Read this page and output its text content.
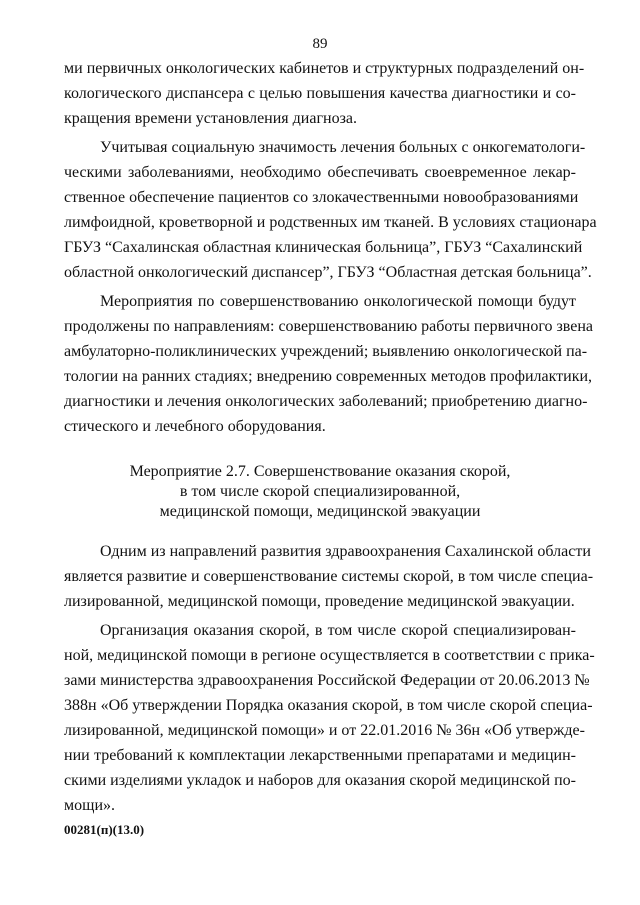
89
ми первичных онкологических кабинетов и структурных подразделений он-
кологического диспансера с целью повышения качества диагностики и со-
кращения времени установления диагноза.
Учитывая социальную значимость лечения больных с онкогематологи-
ческими заболеваниями, необходимо обеспечивать своевременное лекар-
ственное обеспечение пациентов со злокачественными новообразованиями
лимфоидной, кроветворной и родственных им тканей. В условиях стационара
ГБУЗ “Сахалинская областная клиническая больница”, ГБУЗ “Сахалинский
областной онкологический диспансер”, ГБУЗ “Областная детская больница”.
Мероприятия по совершенствованию онкологической помощи будут
продолжены по направлениям: совершенствованию работы первичного звена
амбулаторно-поликлинических учреждений; выявлению онкологической па-
тологии на ранних стадиях; внедрению современных методов профилактики,
диагностики и лечения онкологических заболеваний; приобретению диагно-
стического и лечебного оборудования.
Мероприятие 2.7. Совершенствование оказания скорой,
в том числе скорой специализированной,
медицинской помощи, медицинской эвакуации
Одним из направлений развития здравоохранения Сахалинской области
является развитие и совершенствование системы скорой, в том числе специа-
лизированной, медицинской помощи, проведение медицинской эвакуации.
Организация оказания скорой, в том числе скорой специализирован-
ной, медицинской помощи в регионе осуществляется в соответствии с прика-
зами министерства здравоохранения Российской Федерации от 20.06.2013 №
388н «Об утверждении Порядка оказания скорой, в том числе скорой специа-
лизированной, медицинской помощи» и от 22.01.2016 № 36н «Об утвержде-
нии требований к комплектации лекарственными препаратами и медицин-
скими изделиями укладок и наборов для оказания скорой медицинской по-
мощи».
00281(п)(13.0)
